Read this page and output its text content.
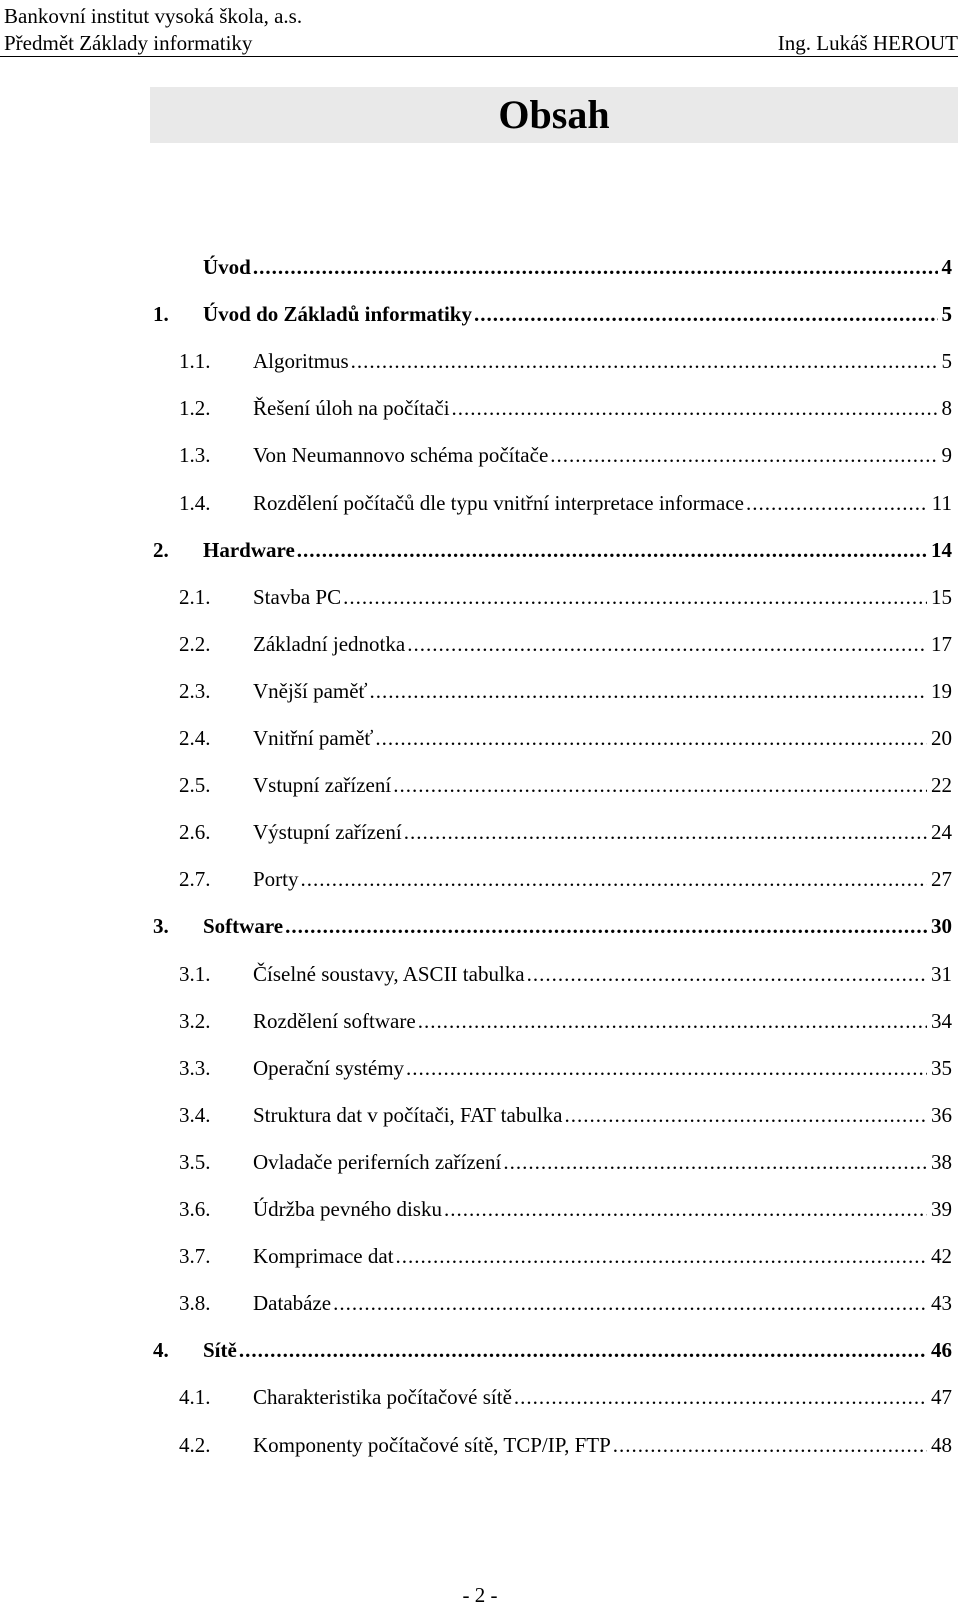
Bankovní institut vysoká škola, a.s.
Předmět Základy informatiky	Ing. Lukáš HEROUT
Obsah
Úvod .....	4
1. Úvod do Základů informatiky .....	5
1.1. Algoritmus .....	5
1.2. Řešení úloh na počítači .....	8
1.3. Von Neumannovo schéma počítače .....	9
1.4. Rozdělení počítačů dle typu vnitřní interpretace informace .....	11
2. Hardware .....	14
2.1. Stavba PC .....	15
2.2. Základní jednotka .....	17
2.3. Vnější paměť .....	19
2.4. Vnitřní paměť .....	20
2.5. Vstupní zařízení .....	22
2.6. Výstupní zařízení .....	24
2.7. Porty .....	27
3. Software .....	30
3.1. Číselné soustavy, ASCII tabulka .....	31
3.2. Rozdělení software .....	34
3.3. Operační systémy .....	35
3.4. Struktura dat v počítači, FAT tabulka .....	36
3.5. Ovladače periferních zařízení .....	38
3.6. Údržba pevného disku .....	39
3.7. Komprimace dat .....	42
3.8. Databáze .....	43
4. Sítě .....	46
4.1. Charakteristika počítačové sítě .....	47
4.2. Komponenty počítačové sítě, TCP/IP, FTP .....	48
- 2 -
